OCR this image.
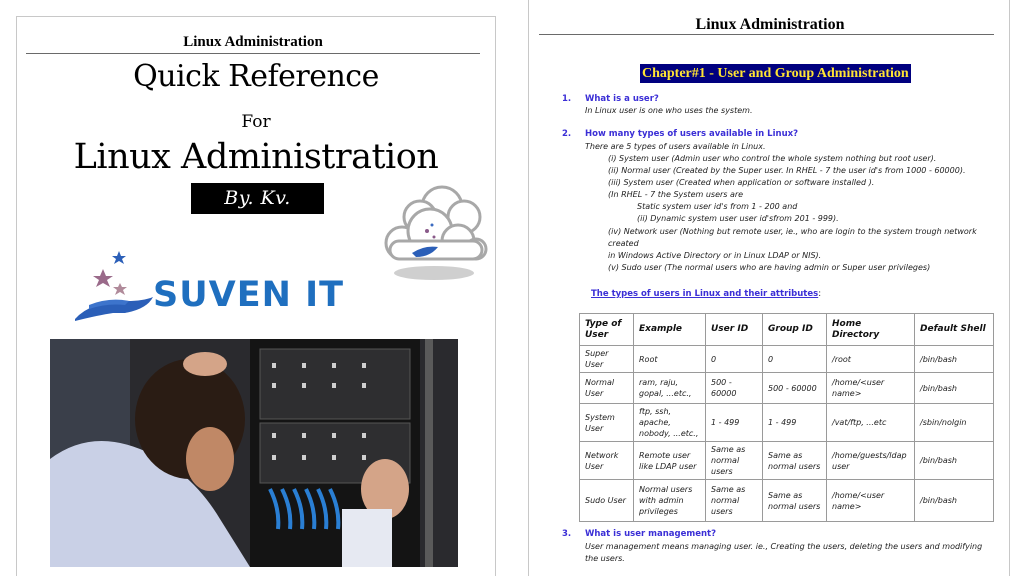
Linux Administration
Quick Reference
For
Linux Administration
By. Kv. Reddy
SUVEN IT
Linux Administration
Chapter#1 - User and Group Administration
1. What is a user?
In Linux user is one who uses the system.
2. How many types of users available in Linux?
There are 5 types of users available in Linux.
(i) System user (Admin user who control the whole system nothing but root user).
(ii) Normal user (Created by the Super user. In RHEL - 7 the user id's from 1000 - 60000).
(iii) System user (Created when application or software installed ).
(In RHEL - 7 the System users are
Static system user id's from 1 - 200 and
(ii) Dynamic system user user id'sfrom 201 - 999).
(iv) Network user (Nothing but remote user, ie., who are login to the system trough network
created
in Windows Active Directory or in Linux LDAP or NIS).
(v) Sudo user (The normal users who are having admin or Super user privileges)
The types of users in Linux and their attributes:
Type of User	Example	User ID	Group ID	Home Directory	Default Shell
Super User	Root	0	0	/root	/bin/bash
Normal User	ram, raju, gopal, ...etc.,	500 - 60000	500 - 60000	/home/<user name>	/bin/bash
System User	ftp, ssh, apache, nobody, ...etc.,	1 - 499	1 - 499	/vat/ftp, ...etc	/sbin/nolgin
Network User	Remote user like LDAP user	Same as normal users	Same as normal users	/home/guests/ldap user	/bin/bash
Sudo User	Normal users with admin privileges	Same as normal users	Same as normal users	/home/<user name>	/bin/bash
3. What is user management?
User management means managing user. ie., Creating the users, deleting the users and modifying
the users.
